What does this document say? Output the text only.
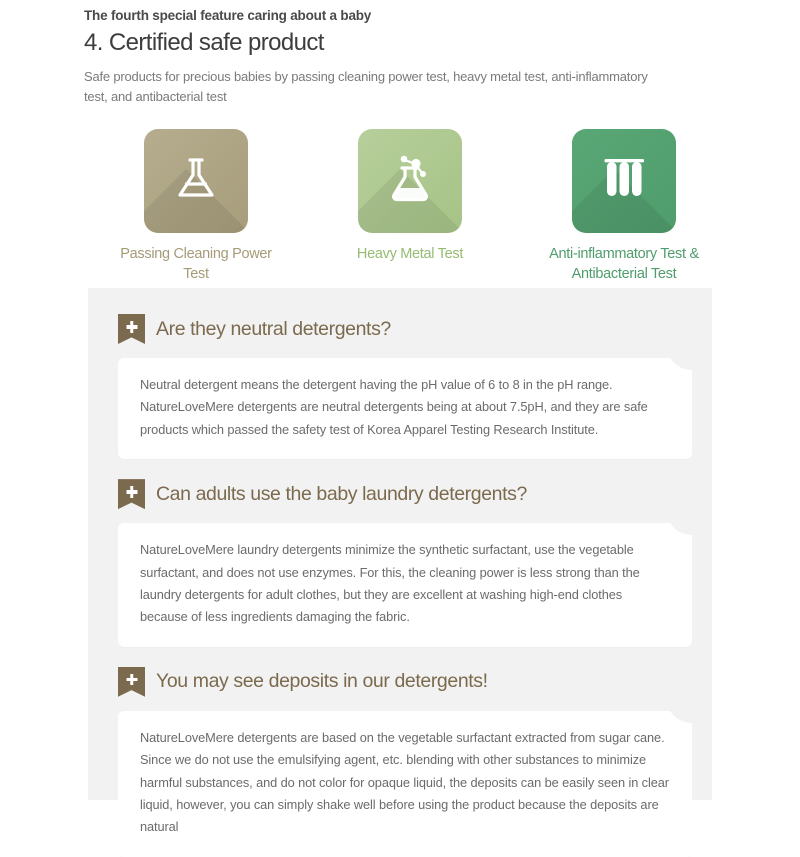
The fourth special feature caring about a baby
4. Certified safe product

Safe products for precious babies by passing cleaning power test, heavy metal test, anti-inflammatory test, and antibacterial test

Passing Cleaning Power Test
Heavy Metal Test	Anti-inflammatory Test & Antibacterial Test
Are they neutral detergents?

Neutral detergent means the detergent having the pH value of 6 to 8 in the pH range. NatureLoveMere detergents are neutral detergents being at about 7.5pH, and they are safe products which passed the safety test of Korea Apparel Testing Research Institute.

Can adults use the baby laundry detergents?

NatureLoveMere laundry detergents minimize the synthetic surfactant, use the vegetable surfactant, and does not use enzymes. For this, the cleaning power is less strong than the laundry detergents for adult clothes, but they are excellent at washing high-end clothes because of less ingredients damaging the fabric.

You may see deposits in our detergents!

NatureLoveMere detergents are based on the vegetable surfactant extracted from sugar cane. Since we do not use the emulsifying agent, etc. blending with other substances to minimize harmful substances, and do not color for opaque liquid, the deposits can be easily seen in clear liquid, however, you can simply shake well before using the product because the deposits are natural
